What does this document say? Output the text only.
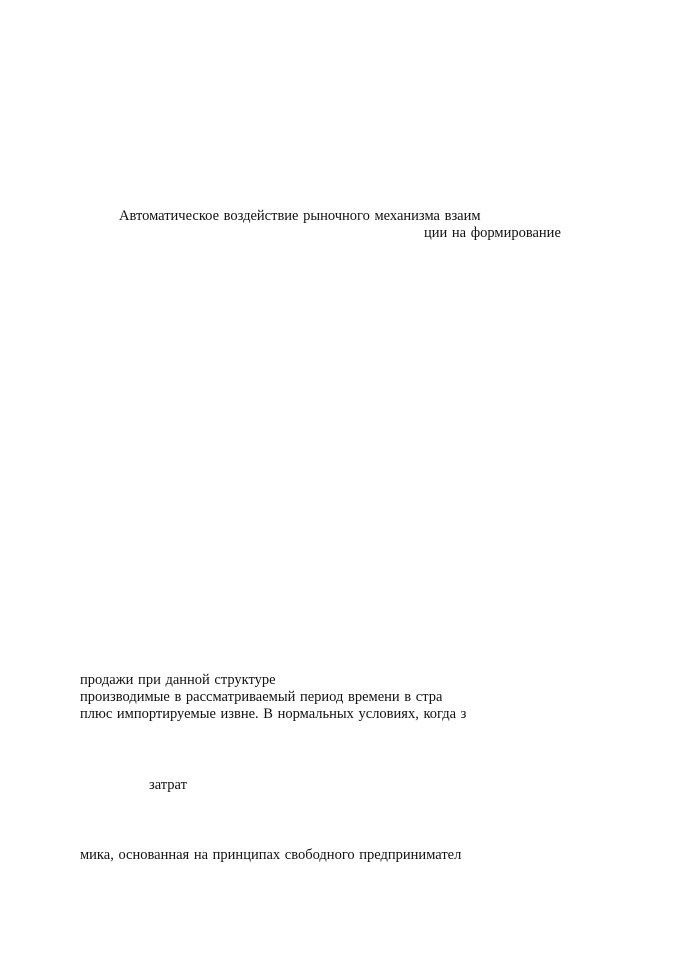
Автоматическое воздействие рыночного механизма взаим
ции на формирование
продажи при данной структуре
производимые в рассматриваемый период времени в стра
плюс импортируемые извне. В нормальных условиях, когда з
затрат
мика, основанная на принципах свободного предпринимател
